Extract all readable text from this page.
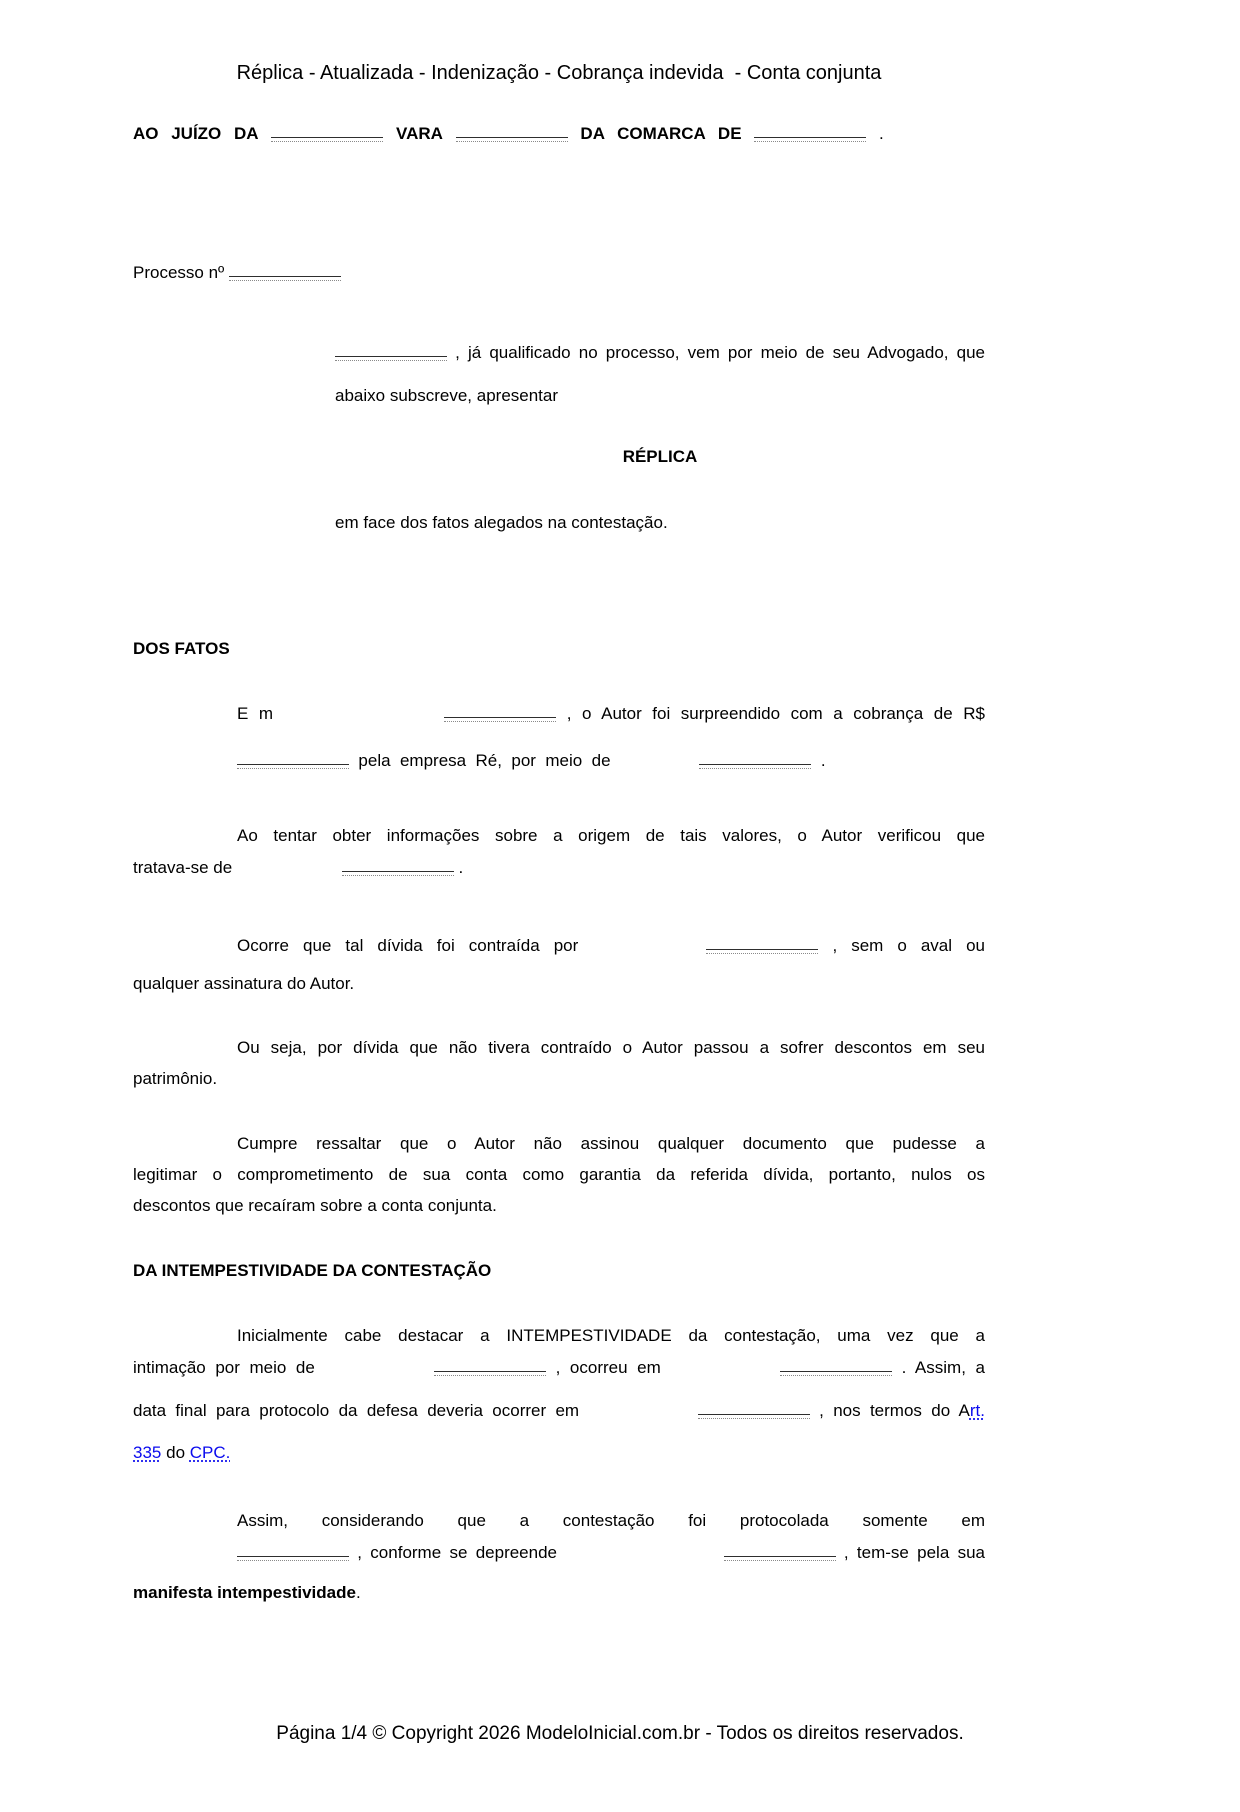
Réplica - Atualizada - Indenização - Cobrança indevida  - Conta conjunta
AO JUÍZO DA	VARA	DA COMARCA DE	.
Processo nº
, já qualificado no processo, vem por meio de seu Advogado, que
abaixo subscreve, apresentar
RÉPLICA
em face dos fatos alegados na contestação.
DOS FATOS
E m	, o Autor foi surpreendido com a cobrança de R$
pela empresa Ré, por meio de	.
Ao tentar obter informações sobre a origem de tais valores, o Autor verificou que
tratava-se de	.
Ocorre que tal dívida foi contraída por	, sem o aval ou
qualquer assinatura do Autor.
Ou seja, por dívida que não tivera contraído o Autor passou a sofrer descontos em seu
patrimônio.
Cumpre ressaltar que o Autor não assinou qualquer documento que pudesse a
legitimar o comprometimento de sua conta como garantia da referida dívida, portanto, nulos os
descontos que recaíram sobre a conta conjunta.
DA INTEMPESTIVIDADE DA CONTESTAÇÃO
Inicialmente cabe destacar a INTEMPESTIVIDADE da contestação, uma vez que a
intimação por meio de	, ocorreu em	. Assim, a
data final para protocolo da defesa deveria ocorrer em	, nos termos do Art.
335 do CPC.
Assim, considerando que a contestação foi protocolada somente em
, conforme se depreende	, tem-se pela sua
manifesta intempestividade.
Página 1/4 © Copyright 2026 ModeloInicial.com.br - Todos os direitos reservados.
